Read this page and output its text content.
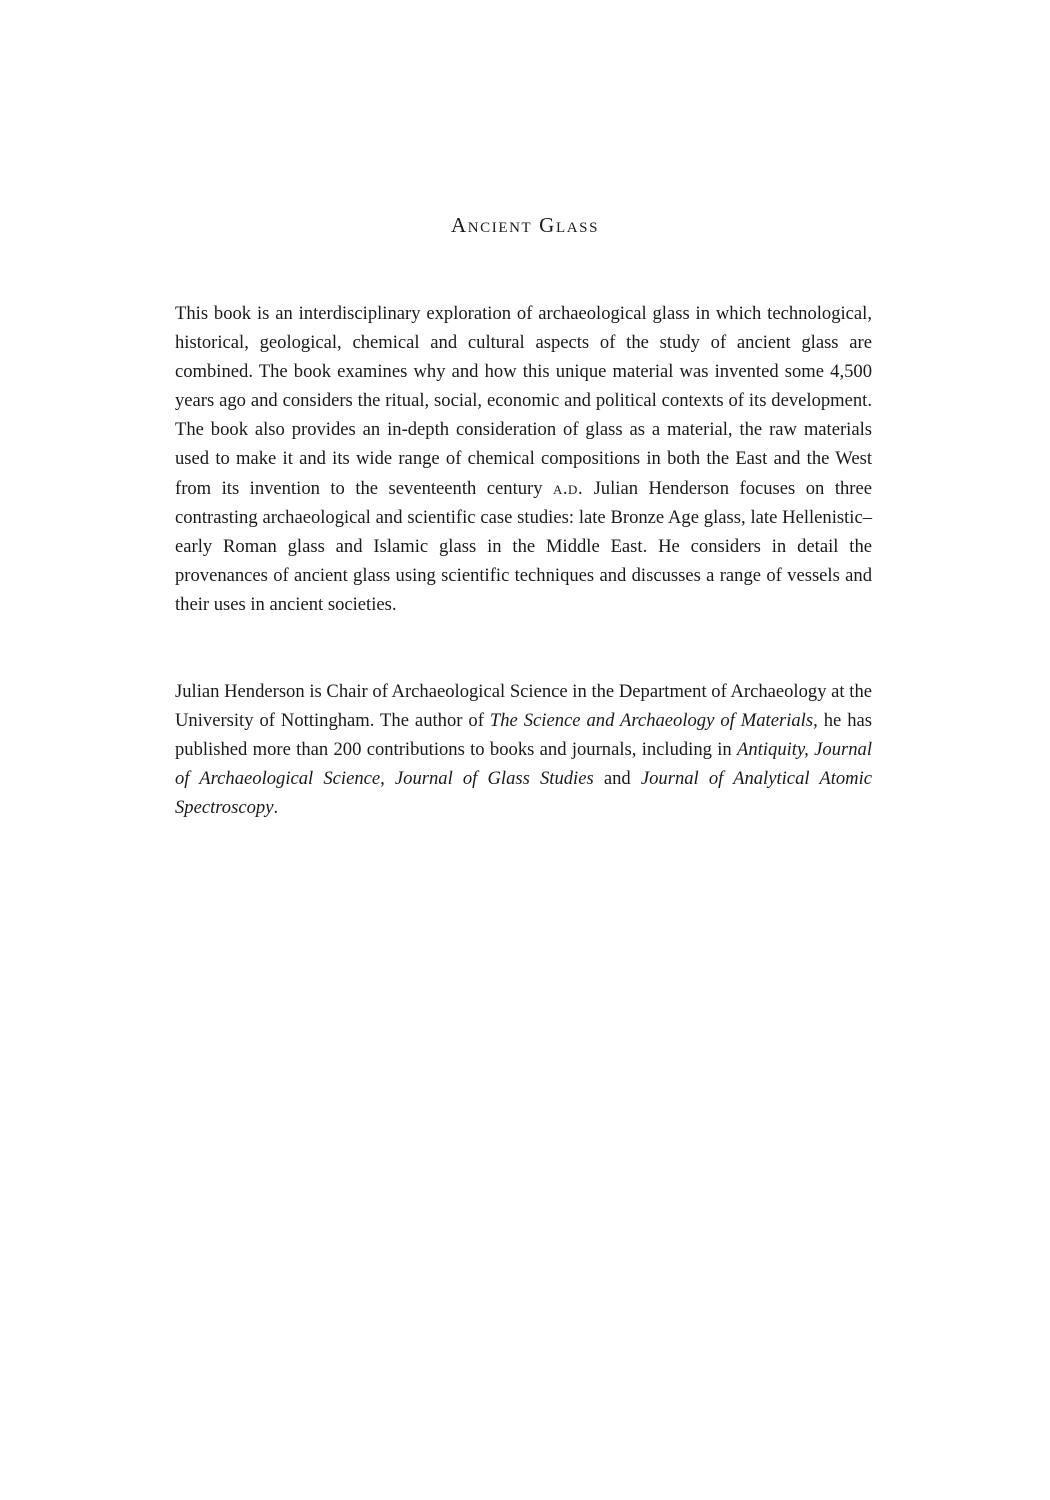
Ancient Glass

This book is an interdisciplinary exploration of archaeological glass in which technological, historical, geological, chemical and cultural aspects of the study of ancient glass are combined. The book examines why and how this unique material was invented some 4,500 years ago and considers the ritual, social, economic and political contexts of its development. The book also provides an in-depth consideration of glass as a material, the raw materials used to make it and its wide range of chemical compositions in both the East and the West from its invention to the seventeenth century a.d. Julian Henderson focuses on three contrasting archaeological and scientific case studies: late Bronze Age glass, late Hellenistic–early Roman glass and Islamic glass in the Middle East. He considers in detail the provenances of ancient glass using scientific techniques and discusses a range of vessels and their uses in ancient societies.

Julian Henderson is Chair of Archaeological Science in the Department of Archaeology at the University of Nottingham. The author of The Science and Archaeology of Materials, he has published more than 200 contributions to books and journals, including in Antiquity, Journal of Archaeological Science, Journal of Glass Studies and Journal of Analytical Atomic Spectroscopy.
